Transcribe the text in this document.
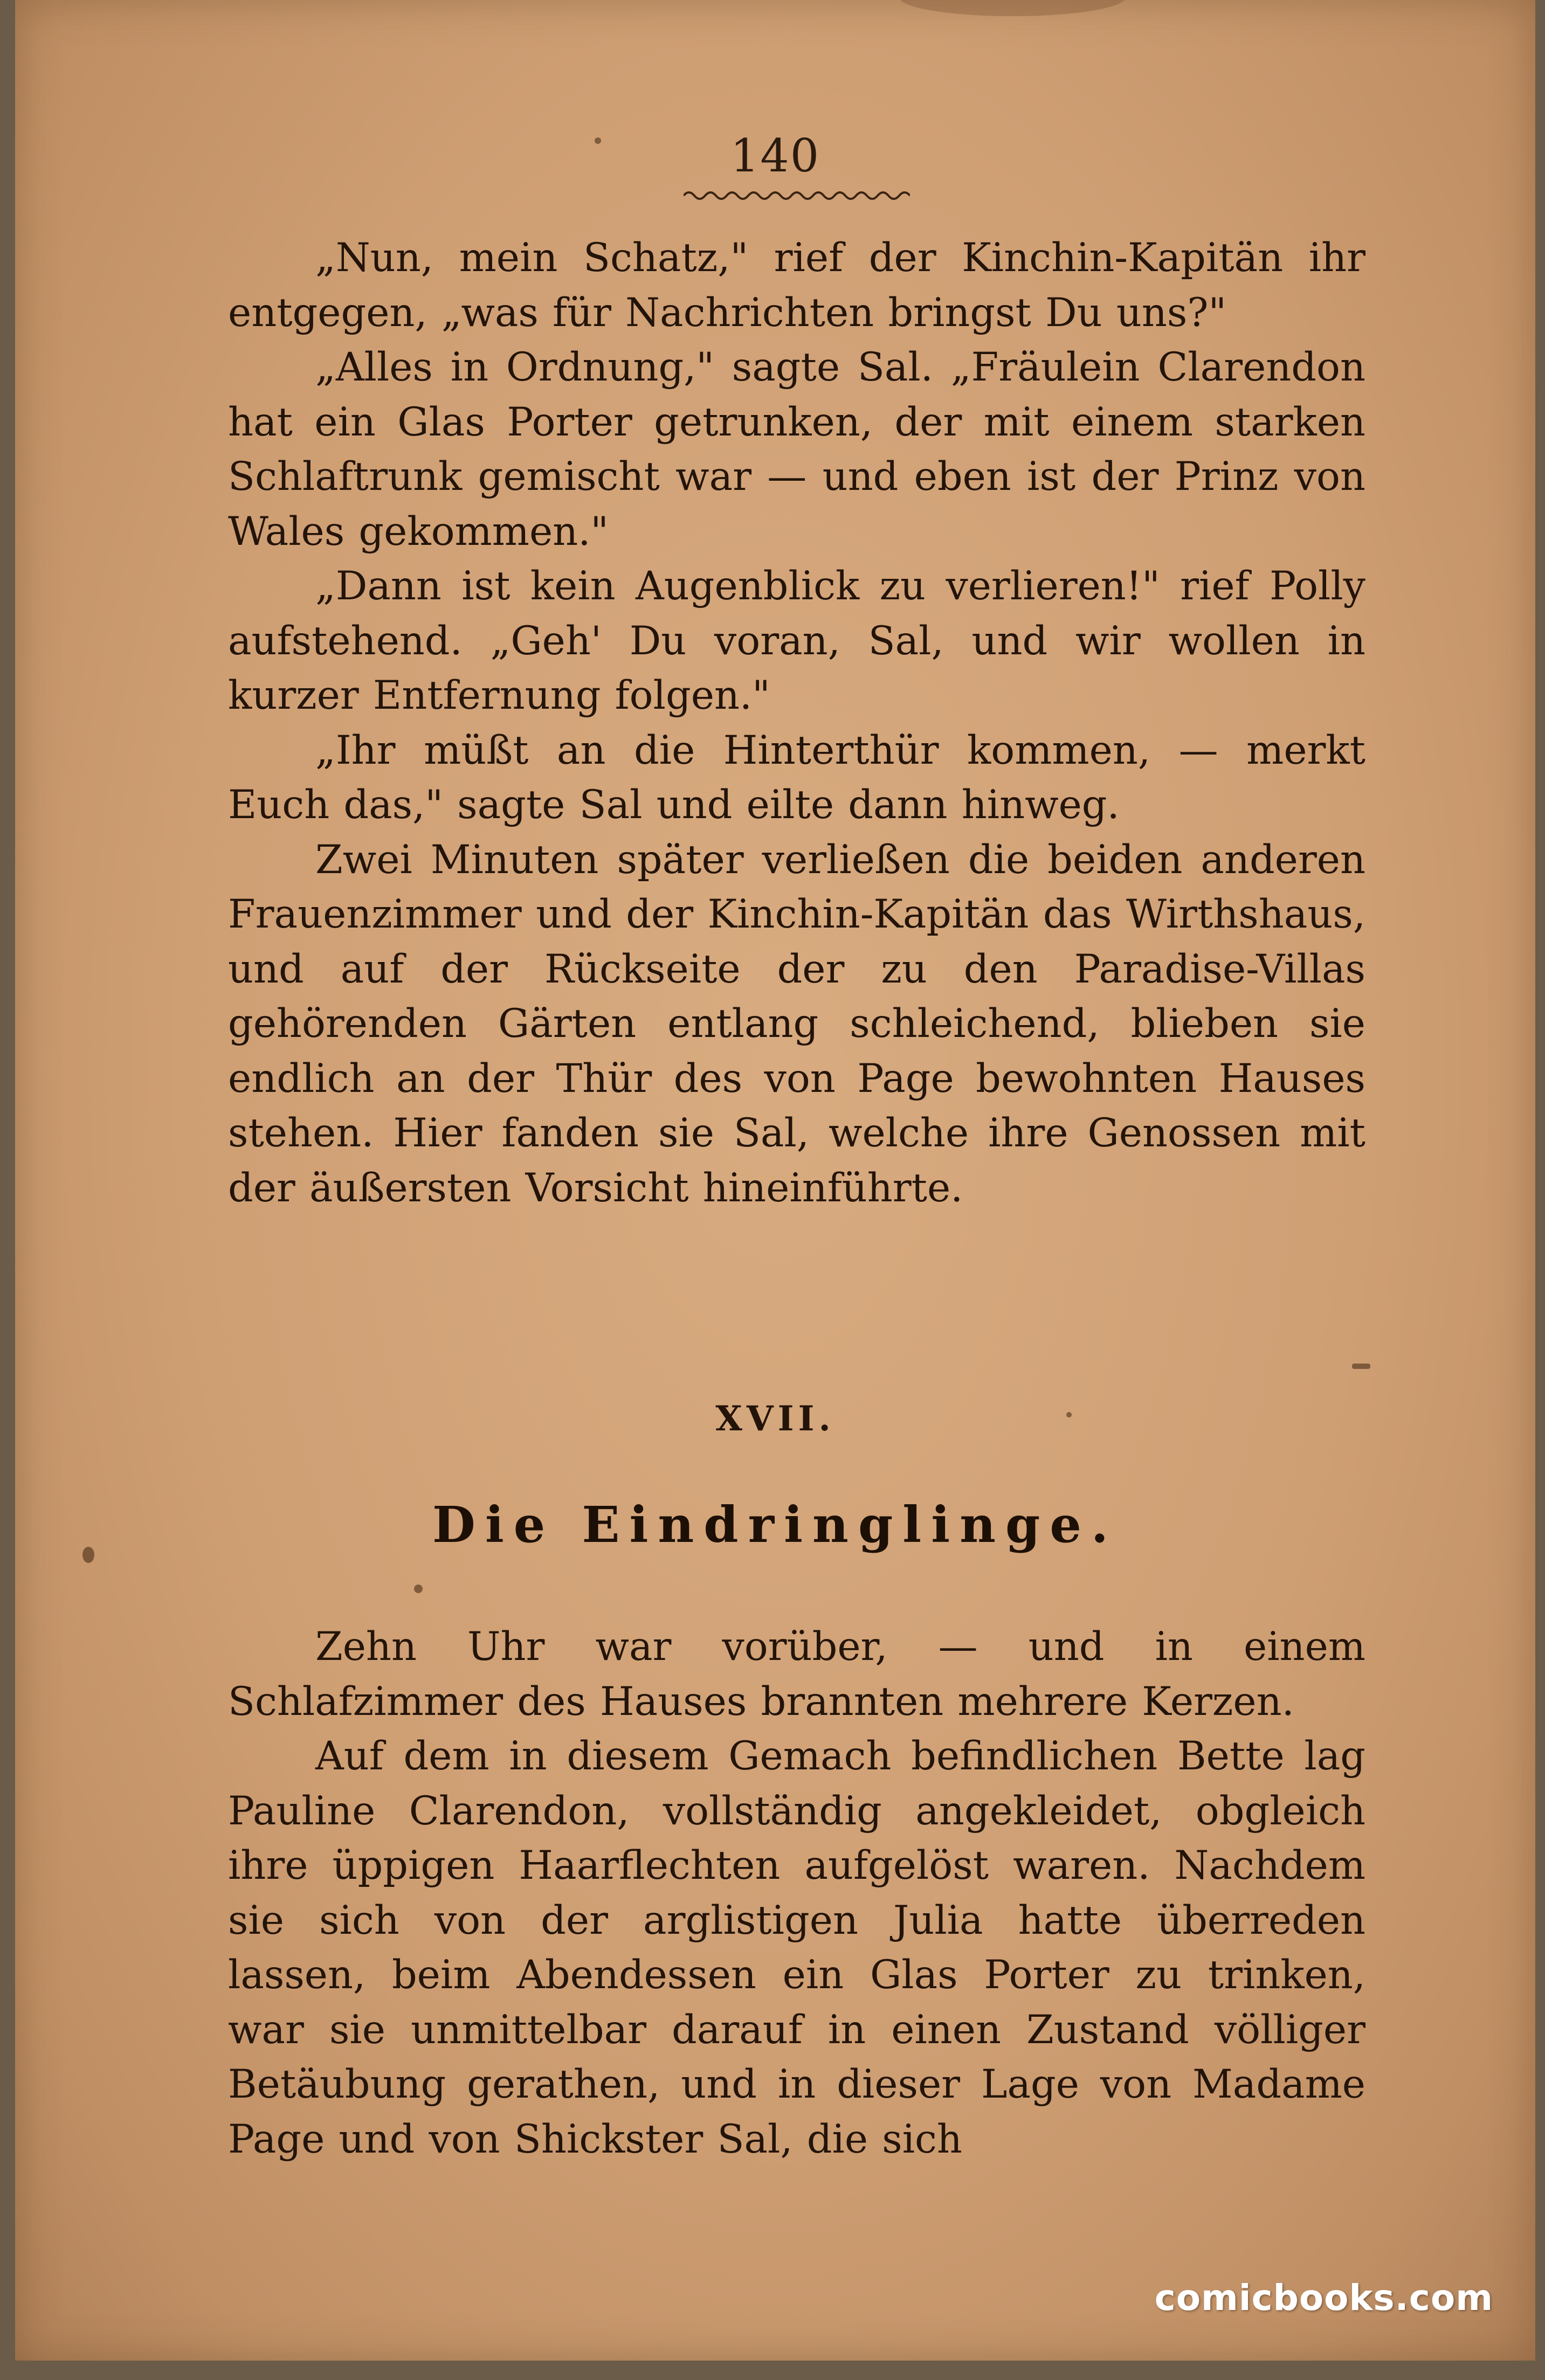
140

„Nun, mein Schatz," rief der Kinchin-Kapitän ihr entgegen, „was für Nachrichten bringst Du uns?"

„Alles in Ordnung," sagte Sal. „Fräulein Clarendon hat ein Glas Porter getrunken, der mit einem starken Schlaftrunk gemischt war — und eben ist der Prinz von Wales gekommen."

„Dann ist kein Augenblick zu verlieren!" rief Polly aufstehend. „Geh' Du voran, Sal, und wir wollen in kurzer Entfernung folgen."

„Ihr müßt an die Hinterthür kommen, — merkt Euch das," sagte Sal und eilte dann hinweg.

Zwei Minuten später verließen die beiden anderen Frauenzimmer und der Kinchin-Kapitän das Wirthshaus, und auf der Rückseite der zu den Paradise-Villas gehörenden Gärten entlang schleichend, blieben sie endlich an der Thür des von Page bewohnten Hauses stehen. Hier fanden sie Sal, welche ihre Genossen mit der äußersten Vorsicht hineinführte.

XVII.
Die Eindringlinge.

Zehn Uhr war vorüber, — und in einem Schlafzimmer des Hauses brannten mehrere Kerzen.

Auf dem in diesem Gemach befindlichen Bette lag Pauline Clarendon, vollständig angekleidet, obgleich ihre üppigen Haarflechten aufgelöst waren. Nachdem sie sich von der arglistigen Julia hatte überreden lassen, beim Abendessen ein Glas Porter zu trinken, war sie unmittelbar darauf in einen Zustand völliger Betäubung gerathen, und in dieser Lage von Madame Page und von Shickster Sal, die sich

comicbooks.com
